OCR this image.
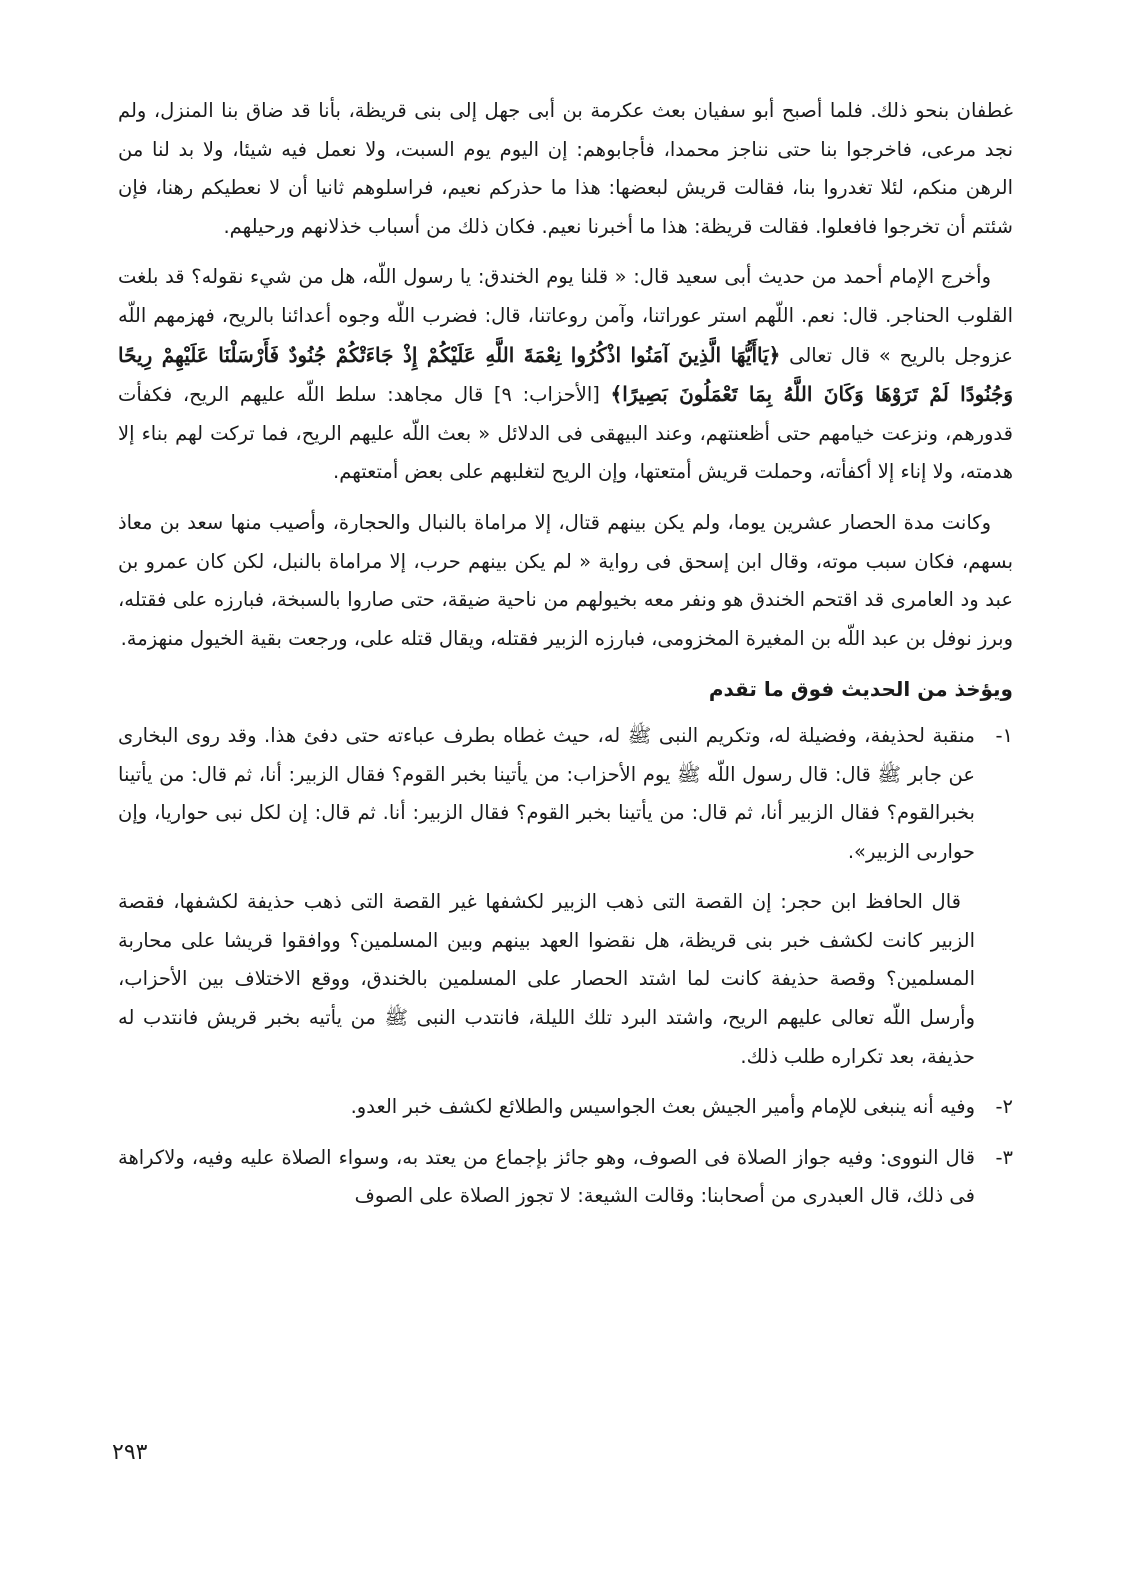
غطفان بنحو ذلك. فلما أصبح أبو سفيان بعث عكرمة بن أبى جهل إلى بنى قريظة، بأنا قد ضاق بنا المنزل، ولم نجد مرعى، فاخرجوا بنا حتى نناجز محمدا، فأجابوهم: إن اليوم يوم السبت، ولا نعمل فيه شيئا، ولا بد لنا من الرهن منكم، لئلا تغدروا بنا، فقالت قريش لبعضها: هذا ما حذركم نعيم، فراسلوهم ثانيا أن لا نعطيكم رهنا، فإن شئتم أن تخرجوا فافعلوا. فقالت قريظة: هذا ما أخبرنا نعيم. فكان ذلك من أسباب خذلانهم ورحيلهم.

وأخرج الإمام أحمد من حديث أبى سعيد قال: « قلنا يوم الخندق: يا رسول اللّه، هل من شيء نقوله؟ قد بلغت القلوب الحناجر. قال: نعم. اللّهم استر عوراتنا، وآمن روعاتنا، قال: فضرب اللّه وجوه أعدائنا بالريح، فهزمهم اللّه عزوجل بالريح » قال تعالى ﴿يَاأَيُّهَا الَّذِينَ آمَنُوا اذْكُرُوا نِعْمَةَ اللَّهِ عَلَيْكُمْ إِذْ جَاءَتْكُمْ جُنُودٌ فَأَرْسَلْنَا عَلَيْهِمْ رِيحًا وَجُنُودًا لَمْ تَرَوْهَا وَكَانَ اللَّهُ بِمَا تَعْمَلُونَ بَصِيرًا﴾ [الأحزاب: ٩] قال مجاهد: سلط اللّه عليهم الريح، فكفأت قدورهم، ونزعت خيامهم حتى أظعنتهم، وعند البيهقى فى الدلائل « بعث اللّه عليهم الريح، فما تركت لهم بناء إلا هدمته، ولا إناء إلا أكفأته، وحملت قريش أمتعتها، وإن الريح لتغلبهم على بعض أمتعتهم.

وكانت مدة الحصار عشرين يوما، ولم يكن بينهم قتال، إلا مراماة بالنبال والحجارة، وأصيب منها سعد بن معاذ بسهم، فكان سبب موته، وقال ابن إسحق فى رواية « لم يكن بينهم حرب، إلا مراماة بالنبل، لكن كان عمرو بن عبد ود العامرى قد اقتحم الخندق هو ونفر معه بخيولهم من ناحية ضيقة، حتى صاروا بالسبخة، فبارزه على فقتله، وبرز نوفل بن عبد اللّه بن المغيرة المخزومى، فبارزه الزبير فقتله، ويقال قتله على، ورجعت بقية الخيول منهزمة.

ويؤخذ من الحديث فوق ما تقدم
١-
منقبة لحذيفة، وفضيلة له، وتكريم النبى ﷺ له، حيث غطاه بطرف عباءته حتى دفئ هذا. وقد روى البخارى عن جابر ﷺ قال: قال رسول اللّه ﷺ يوم الأحزاب: من يأتينا بخبر القوم؟ فقال الزبير: أنا، ثم قال: من يأتينا بخبرالقوم؟ فقال الزبير أنا، ثم قال: من يأتينا بخبر القوم؟ فقال الزبير: أنا. ثم قال: إن لكل نبى حواريا، وإن حوارىى الزبير».
قال الحافظ ابن حجر: إن القصة التى ذهب الزبير لكشفها غير القصة التى ذهب حذيفة لكشفها، فقصة الزبير كانت لكشف خبر بنى قريظة، هل نقضوا العهد بينهم وبين المسلمين؟ ووافقوا قريشا على محاربة المسلمين؟ وقصة حذيفة كانت لما اشتد الحصار على المسلمين بالخندق، ووقع الاختلاف بين الأحزاب، وأرسل اللّه تعالى عليهم الريح، واشتد البرد تلك الليلة، فانتدب النبى ﷺ من يأتيه بخبر قريش فانتدب له حذيفة، بعد تكراره طلب ذلك.
٢-
وفيه أنه ينبغى للإمام وأمير الجيش بعث الجواسيس والطلائع لكشف خبر العدو.
٣-
قال النووى: وفيه جواز الصلاة فى الصوف، وهو جائز بإجماع من يعتد به، وسواء الصلاة عليه وفيه، ولاكراهة فى ذلك، قال العبدرى من أصحابنا: وقالت الشيعة: لا تجوز الصلاة على الصوف
٢٩٣
